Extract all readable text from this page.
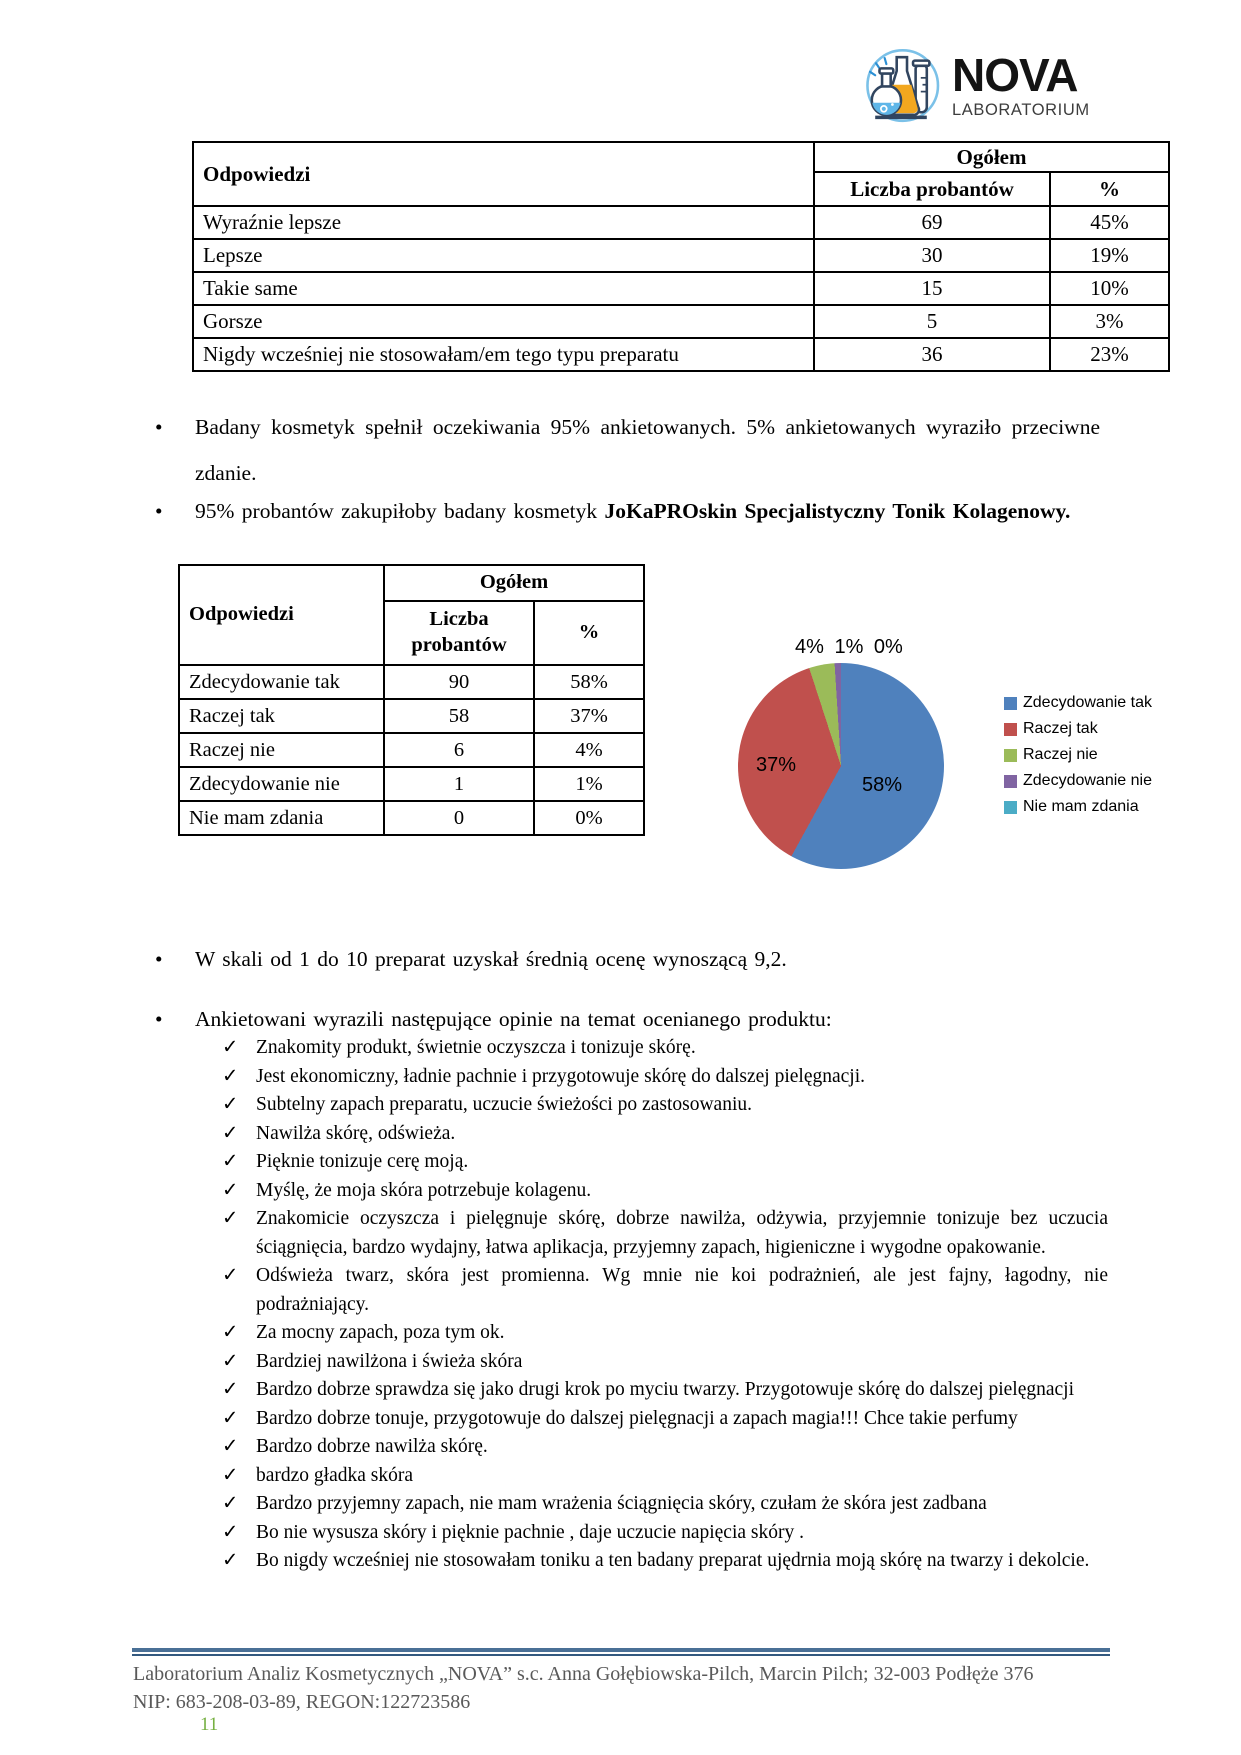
NOVA
LABORATORIUM
Odpowiedzi	Ogółem	
	Liczba probantów	%
Wyraźnie lepsze	69	45%
Lepsze	30	19%
Takie same	15	10%
Gorsze	5	3%
Nigdy wcześniej nie stosowałam/em tego typu preparatu	36	23%
•	Badany kosmetyk spełnił oczekiwania 95% ankietowanych. 5% ankietowanych wyraziło przeciwne zdanie.
•	95% probantów zakupiłoby badany kosmetyk JoKaPROskin Specjalistyczny Tonik Kolagenowy.
Odpowiedzi	Ogółem	
	Liczba probantów	%
Zdecydowanie tak	90	58%
Raczej tak	58	37%
Raczej nie	6	4%
Zdecydowanie nie	1	1%
Nie mam zdania	0	0%
4% 1% 0%
37%
58%
Zdecydowanie tak
Raczej tak
Raczej nie
Zdecydowanie nie
Nie mam zdania
•	W skali od 1 do 10 preparat uzyskał średnią ocenę wynoszącą 9,2.
•	Ankietowani wyrazili następujące opinie na temat ocenianego produktu:
✓ Znakomity produkt, świetnie oczyszcza i tonizuje skórę.
✓ Jest ekonomiczny, ładnie pachnie i przygotowuje skórę do dalszej pielęgnacji.
✓ Subtelny zapach preparatu, uczucie świeżości po zastosowaniu.
✓ Nawilża skórę, odświeża.
✓ Pięknie tonizuje cerę moją.
✓ Myślę, że moja skóra potrzebuje kolagenu.
✓ Znakomicie oczyszcza i pielęgnuje skórę, dobrze nawilża, odżywia, przyjemnie tonizuje bez uczucia ściągnięcia, bardzo wydajny, łatwa aplikacja, przyjemny zapach, higieniczne i wygodne opakowanie.
✓ Odświeża twarz, skóra jest promienna. Wg mnie nie koi podrażnień, ale jest fajny, łagodny, nie podrażniający.
✓ Za mocny zapach, poza tym ok.
✓ Bardziej nawilżona i świeża skóra
✓ Bardzo dobrze sprawdza się jako drugi krok po myciu twarzy. Przygotowuje skórę do dalszej pielęgnacji
✓ Bardzo dobrze tonuje, przygotowuje do dalszej pielęgnacji a zapach magia!!! Chce takie perfumy
✓ Bardzo dobrze nawilża skórę.
✓ bardzo gładka skóra
✓ Bardzo przyjemny zapach, nie mam wrażenia ściągnięcia skóry, czułam że skóra jest zadbana
✓ Bo nie wysusza skóry i pięknie pachnie , daje uczucie napięcia skóry .
✓ Bo nigdy wcześniej nie stosowałam toniku a ten badany preparat ujędrnia moją skórę na twarzy i dekolcie.
Laboratorium Analiz Kosmetycznych „NOVA” s.c. Anna Gołębiowska-Pilch, Marcin Pilch; 32-003 Podłęże 376
NIP: 683-208-03-89, REGON:122723586
11
